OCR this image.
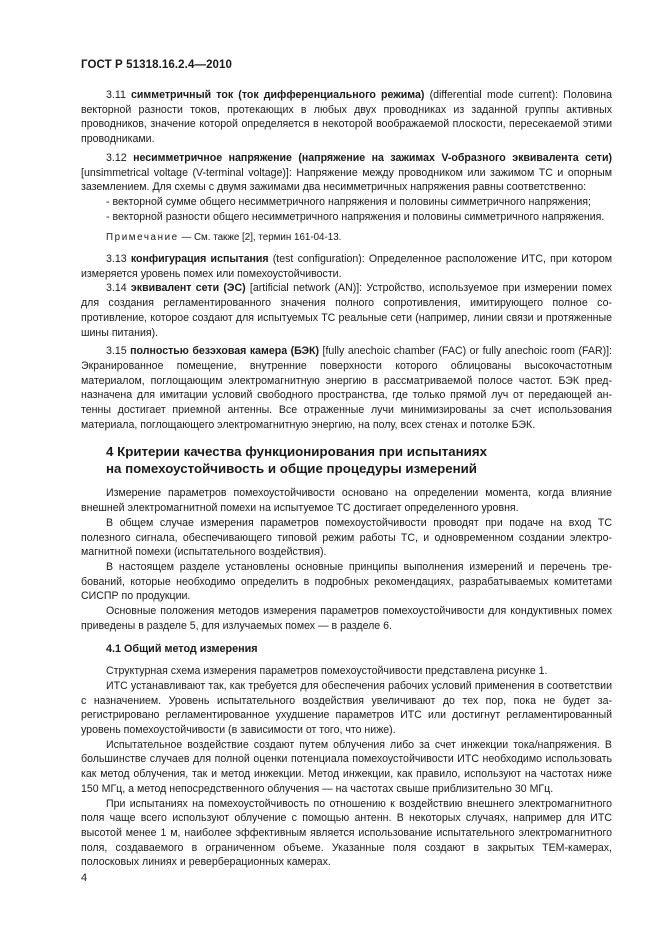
ГОСТ Р 51318.16.2.4—2010

3.11 симметричный ток (ток дифференциального режима) (differential mode current): Половина векторной разности токов, протекающих в любых двух проводниках из заданной группы активных проводников, значение которой определяется в некоторой воображаемой плоскости, пересекаемой этими проводниками.

3.12 несимметричное напряжение (напряжение на зажимах V-образного эквивалента сети) [unsimmetrical voltage (V-terminal voltage)]: Напряжение между проводником или зажимом ТС и опорным заземлением. Для схемы с двумя зажимами два несимметричных напряжения равны соответственно:

- векторной сумме общего несимметричного напряжения и половины симметричного напряжения;

- векторной разности общего несимметричного напряжения и половины симметричного напряжения.

Примечание — См. также [2], термин 161-04-13.

3.13 конфигурация испытания (test configuration): Определенное расположение ИТС, при котором измеряется уровень помех или помехоустойчивости.

3.14 эквивалент сети (ЭС) [artificial network (AN)]: Устройство, используемое при измерении помех для создания регламентированного значения полного сопротивления, имитирующего полное сопротивление, которое создают для испытуемых ТС реальные сети (например, линии связи и протяженные шины питания).

3.15 полностью безэховая камера (БЭК) [fully anechoic chamber (FAC) or fully anechoic room (FAR)]: Экранированное помещение, внутренние поверхности которого облицованы высокочастотным материалом, поглощающим электромагнитную энергию в рассматриваемой полосе частот. БЭК предназначена для имитации условий свободного пространства, где только прямой луч от передающей антенны достигает приемной антенны. Все отраженные лучи минимизированы за счет использования материала, поглощающего электромагнитную энергию, на полу, всех стенах и потолке БЭК.

4 Критерии качества функционирования при испытаниях
на помехоустойчивость и общие процедуры измерений

Измерение параметров помехоустойчивости основано на определении момента, когда влияние внешней электромагнитной помехи на испытуемое ТС достигает определенного уровня.

В общем случае измерения параметров помехоустойчивости проводят при подаче на вход ТС полезного сигнала, обеспечивающего типовой режим работы ТС, и одновременном создании электромагнитной помехи (испытательного воздействия).

В настоящем разделе установлены основные принципы выполнения измерений и перечень требований, которые необходимо определить в подробных рекомендациях, разрабатываемых комитетами СИСПР по продукции.

Основные положения методов измерения параметров помехоустойчивости для кондуктивных помех приведены в разделе 5, для излучаемых помех — в разделе 6.

4.1 Общий метод измерения

Структурная схема измерения параметров помехоустойчивости представлена рисунке 1.

ИТС устанавливают так, как требуется для обеспечения рабочих условий применения в соответствии с назначением. Уровень испытательного воздействия увеличивают до тех пор, пока не будет зарегистрировано регламентированное ухудшение параметров ИТС или достигнут регламентированный уровень помехоустойчивости (в зависимости от того, что ниже).

Испытательное воздействие создают путем облучения либо за счет инжекции тока/напряжения. В большинстве случаев для полной оценки потенциала помехоустойчивости ИТС необходимо использовать как метод облучения, так и метод инжекции. Метод инжекции, как правило, используют на частотах ниже 150 МГц, а метод непосредственного облучения — на частотах свыше приблизительно 30 МГц.

При испытаниях на помехоустойчивость по отношению к воздействию внешнего электромагнитного поля чаще всего используют облучение с помощью антенн. В некоторых случаях, например для ИТС высотой менее 1 м, наиболее эффективным является использование испытательного электромагнитного поля, создаваемого в ограниченном объеме. Указанные поля создают в закрытых ТЕМ-камерах, полосковых линиях и реверберационных камерах.

4
